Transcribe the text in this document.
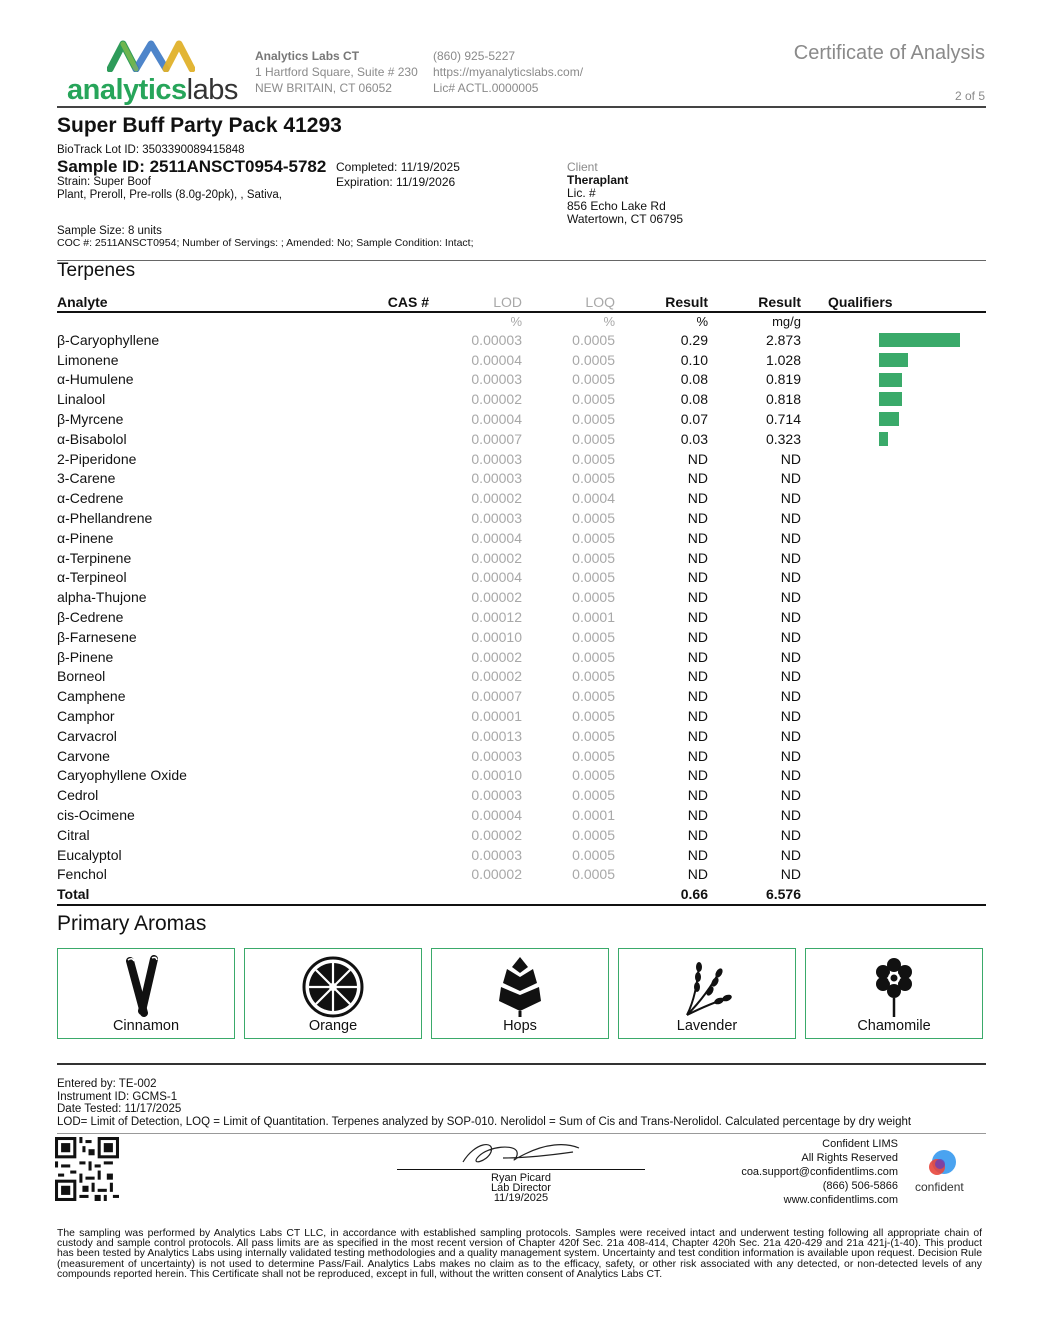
analyticslabs
Analytics Labs CT
1 Hartford Square, Suite # 230
NEW BRITAIN, CT 06052
(860) 925-5227
https://myanalyticslabs.com/
Lic# ACTL.0000005
Certificate of Analysis
2 of 5
Super Buff Party Pack 41293
BioTrack Lot ID: 3503390089415848
Sample ID: 2511ANSCT0954-5782
Strain: Super Boof
Plant, Preroll, Pre-rolls (8.0g-20pk), , Sativa,
Completed: 11/19/2025
Expiration: 11/19/2026
Client
Theraplant
Lic. #
856 Echo Lake Rd
Watertown, CT 06795
Sample Size: 8 units
COC #: 2511ANSCT0954; Number of Servings: ; Amended: No; Sample Condition: Intact;
Terpenes
Analyte	CAS #	LOD	LOQ	Result	Result	Qualifiers
		%	%	%	mg/g	
β-Caryophyllene		0.00003	0.0005	0.29	2.873	

Limonene		0.00004	0.0005	0.10	1.028	

α-Humulene		0.00003	0.0005	0.08	0.819	

Linalool		0.00002	0.0005	0.08	0.818	

β-Myrcene		0.00004	0.0005	0.07	0.714	

α-Bisabolol		0.00007	0.0005	0.03	0.323	

2-Piperidone		0.00003	0.0005	ND	ND	
3-Carene		0.00003	0.0005	ND	ND	
α-Cedrene		0.00002	0.0004	ND	ND	
α-Phellandrene		0.00003	0.0005	ND	ND	
α-Pinene		0.00004	0.0005	ND	ND	
α-Terpinene		0.00002	0.0005	ND	ND	
α-Terpineol		0.00004	0.0005	ND	ND	
alpha-Thujone		0.00002	0.0005	ND	ND	
β-Cedrene		0.00012	0.0001	ND	ND	
β-Farnesene		0.00010	0.0005	ND	ND	
β-Pinene		0.00002	0.0005	ND	ND	
Borneol		0.00002	0.0005	ND	ND	
Camphene		0.00007	0.0005	ND	ND	
Camphor		0.00001	0.0005	ND	ND	
Carvacrol		0.00013	0.0005	ND	ND	
Carvone		0.00003	0.0005	ND	ND	
Caryophyllene Oxide		0.00010	0.0005	ND	ND	
Cedrol		0.00003	0.0005	ND	ND	
cis-Ocimene		0.00004	0.0001	ND	ND	
Citral		0.00002	0.0005	ND	ND	
Eucalyptol		0.00003	0.0005	ND	ND	
Fenchol		0.00002	0.0005	ND	ND	
Total				0.66	6.576	
Primary Aromas
Cinnamon	Orange	Hops	Lavender	Chamomile
Entered by: TE-002
Instrument ID: GCMS-1
Date Tested: 11/17/2025
LOD= Limit of Detection, LOQ = Limit of Quantitation. Terpenes analyzed by SOP-010. Nerolidol = Sum of Cis and Trans-Nerolidol. Calculated percentage by dry weight
Ryan Picard
Lab Director
11/19/2025
Confident LIMS
All Rights Reserved
coa.support@confidentlims.com
(866) 506-5866
www.confidentlims.com
confident
The sampling was performed by Analytics Labs CT LLC, in accordance with established sampling protocols. Samples were received intact and underwent testing following all appropriate chain of custody and sample control protocols. All pass limits are as specified in the most recent version of Chapter 420f Sec. 21a 408-414, Chapter 420h Sec. 21a 420-429 and 21a 421j-(1-40). This product has been tested by Analytics Labs using internally validated testing methodologies and a quality management system. Uncertainty and test condition information is available upon request. Decision Rule (measurement of uncertainty) is not used to determine Pass/Fail. Analytics Labs makes no claim as to the efficacy, safety, or other risk associated with any detected, or non-detected levels of any compounds reported herein. This Certificate shall not be reproduced, except in full, without the written consent of Analytics Labs CT.
